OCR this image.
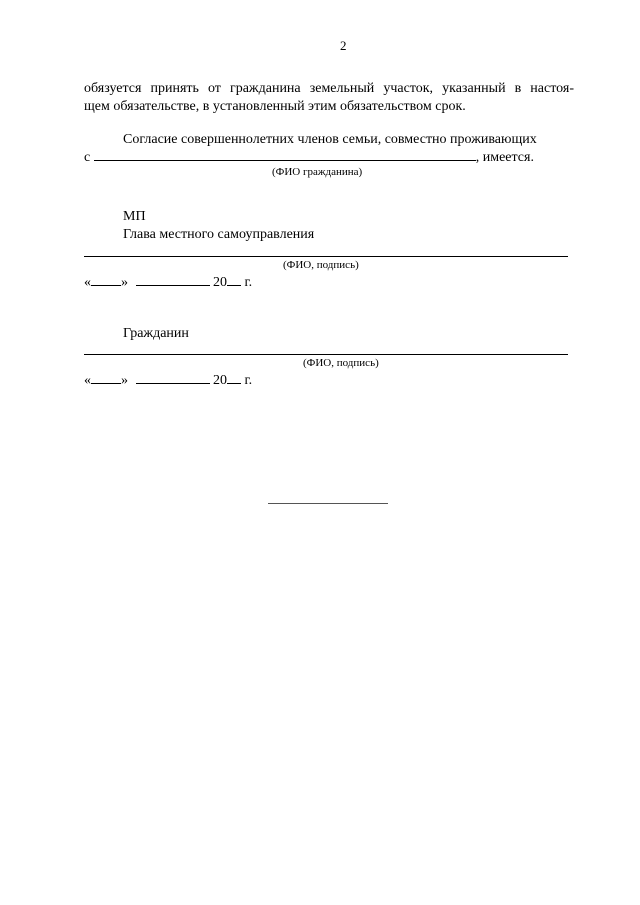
2
обязуется принять от гражданина земельный участок, указанный в настоя-
щем обязательстве, в установленный этим обязательством срок.
Согласие совершеннолетних членов семьи, совместно проживающих
с	, имеется.
(ФИО гражданина)
МП
Глава местного самоуправления
(ФИО, подпись)
« »	20 г.
Гражданин
(ФИО, подпись)
« »	20 г.
